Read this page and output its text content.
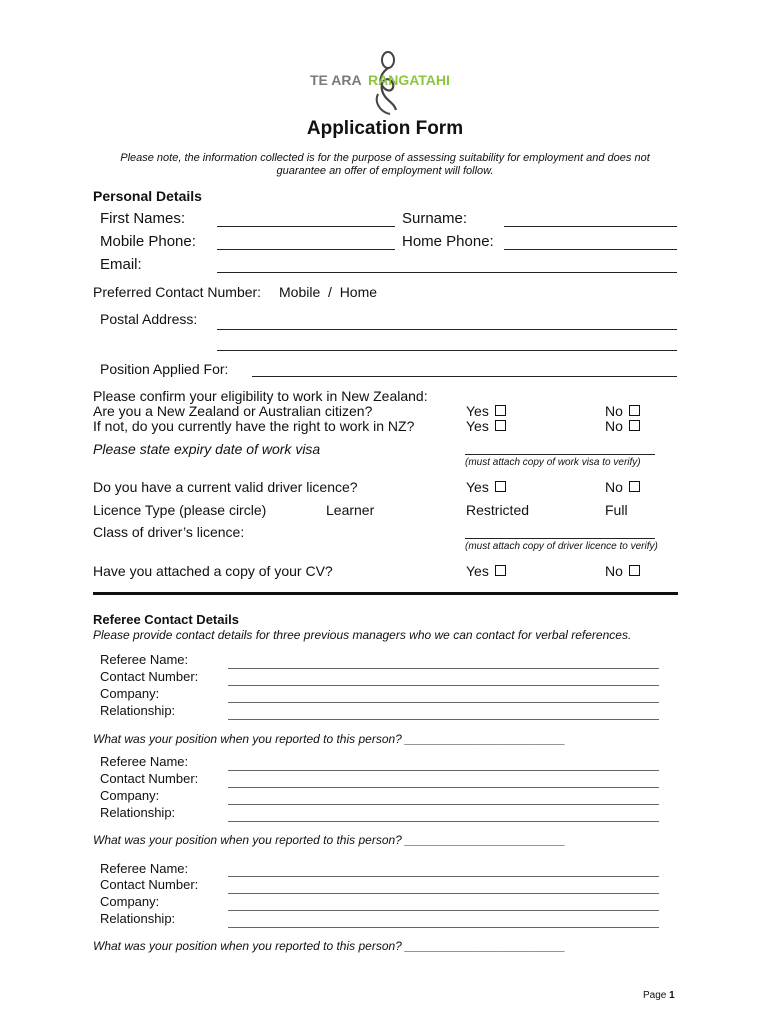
TE ARA RANGATAHI
Application Form
Please note, the information collected is for the purpose of assessing suitability for employment and does not
guarantee an offer of employment will follow.
Personal Details
First Names:	Surname:
Mobile Phone:	Home Phone:
Email:
Preferred Contact Number: Mobile  /  Home
Postal Address:
Position Applied For:
Please confirm your eligibility to work in New Zealand:
Are you a New Zealand or Australian citizen?	Yes	No
If not, do you currently have the right to work in NZ?	Yes	No
Please state expiry date of work visa
(must attach copy of work visa to verify)
Do you have a current valid driver licence?	Yes	No
Licence Type (please circle)	Learner	Restricted	Full
Class of driver’s licence:
(must attach copy of driver licence to verify)
Have you attached a copy of your CV?	Yes	No
Referee Contact Details
Please provide contact details for three previous managers who we can contact for verbal references.
Referee Name:
Contact Number:
Company:
Relationship:
What was your position when you reported to this person? ________________________
Referee Name:
Contact Number:
Company:
Relationship:
What was your position when you reported to this person? ________________________
Referee Name:
Contact Number:
Company:
Relationship:
What was your position when you reported to this person? ________________________
Page 1
